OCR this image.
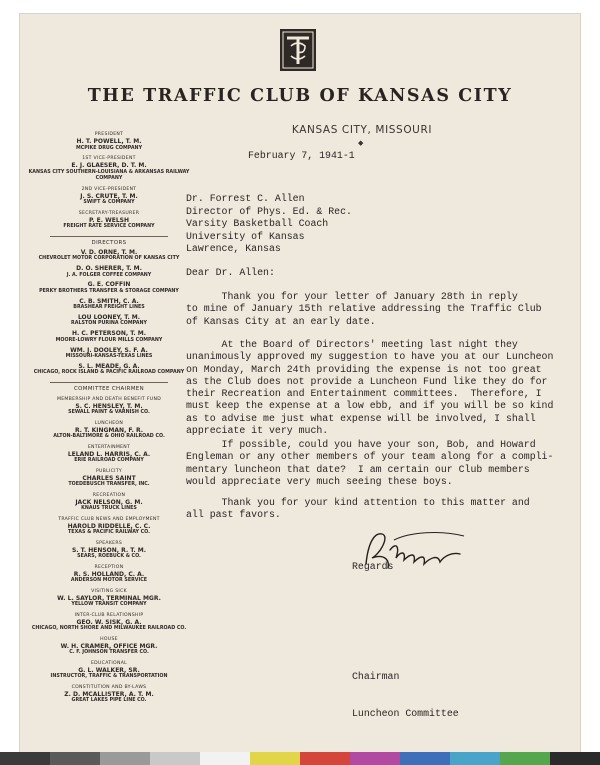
THE TRAFFIC CLUB OF KANSAS CITY
KANSAS CITY, MISSOURI
◆
PRESIDENT
H. T. POWELL, T. M.
MCPIKE DRUG COMPANY
1ST VICE-PRESIDENT
E. J. GLAESER, D. T. M.
KANSAS CITY SOUTHERN-LOUISIANA & ARKANSAS RAILWAY COMPANY
2ND VICE-PRESIDENT
J. S. CRUTE, T. M.
SWIFT & COMPANY
SECRETARY-TREASURER
P. E. WELSH
FREIGHT RATE SERVICE COMPANY
DIRECTORS
V. D. ORNE, T. M.
CHEVROLET MOTOR CORPORATION OF KANSAS CITY
D. O. SHERER, T. M.
J. A. FOLGER COFFEE COMPANY
G. E. COFFIN
PERKY BROTHERS TRANSFER & STORAGE COMPANY
C. B. SMITH, C. A.
BRASHEAR FREIGHT LINES
LOU LOONEY, T. M.
RALSTON PURINA COMPANY
H. C. PETERSON, T. M.
MOORE-LOWRY FLOUR MILLS COMPANY
WM. J. DOOLEY, S. F. A.
MISSOURI-KANSAS-TEXAS LINES
S. L. MEADE, G. A.
CHICAGO, ROCK ISLAND & PACIFIC RAILROAD COMPANY
COMMITTEE CHAIRMEN
MEMBERSHIP AND DEATH BENEFIT FUND
S. C. HENSLEY, T. M.
SEWALL PAINT & VARNISH CO.
LUNCHEON
R. T. KINGMAN, F. R.
ALTON-BALTIMORE & OHIO RAILROAD CO.
ENTERTAINMENT
LELAND L. HARRIS, C. A.
ERIE RAILROAD COMPANY
PUBLICITY
CHARLES SAINT
TOEDEBUSCH TRANSFER, INC.
RECREATION
JACK NELSON, G. M.
KNAUS TRUCK LINES
TRAFFIC CLUB NEWS AND EMPLOYMENT
HAROLD RIDDELLE, C. C.
TEXAS & PACIFIC RAILWAY CO.
SPEAKERS
S. T. HENSON, R. T. M.
SEARS, ROEBUCK & CO.
RECEPTION
R. S. HOLLAND, C. A.
ANDERSON MOTOR SERVICE
VISITING SICK
W. L. SAYLOR, TERMINAL MGR.
YELLOW TRANSIT COMPANY
INTER-CLUB RELATIONSHIP
GEO. W. SISK, G. A.
CHICAGO, NORTH SHORE AND MILWAUKEE RAILROAD CO.
HOUSE
W. H. CRAMER, OFFICE MGR.
C. F. JOHNSON TRANSFER CO.
EDUCATIONAL
G. L. WALKER, SR.
INSTRUCTOR, TRAFFIC & TRANSPORTATION
CONSTITUTION AND BY-LAWS
Z. D. MCALLISTER, A. T. M.
GREAT LAKES PIPE LINE CO.
February 7, 1941-1
Dr. Forrest C. Allen
Director of Phys. Ed. & Rec.
Varsity Basketball Coach
University of Kansas
Lawrence, Kansas
Dear Dr. Allen:
Thank you for your letter of January 28th in reply
to mine of January 15th relative addressing the Traffic
of Kansas City at an early date.
At the Board of Directors' meeting last night they
unanimously approved my suggestion to have you at our
on Monday, March 24th providing the expense is not too
as the Club does not provide a Luncheon Fund like they
their Recreation and Entertainment committees.  Therefore,
must keep the expense at a low ebb, and if you will be
as to advise me just what expense will be involved, I
appreciate it very much.
If possible, could you have your son, Bob, and
Engleman or any other members of your team along for a
mentary luncheon that date?  I am certain our Club members
would appreciate very much seeing these boys.
Thank you for your kind attention to this matter
all past favors.

Regards

Chairman

Luncheon Committee
